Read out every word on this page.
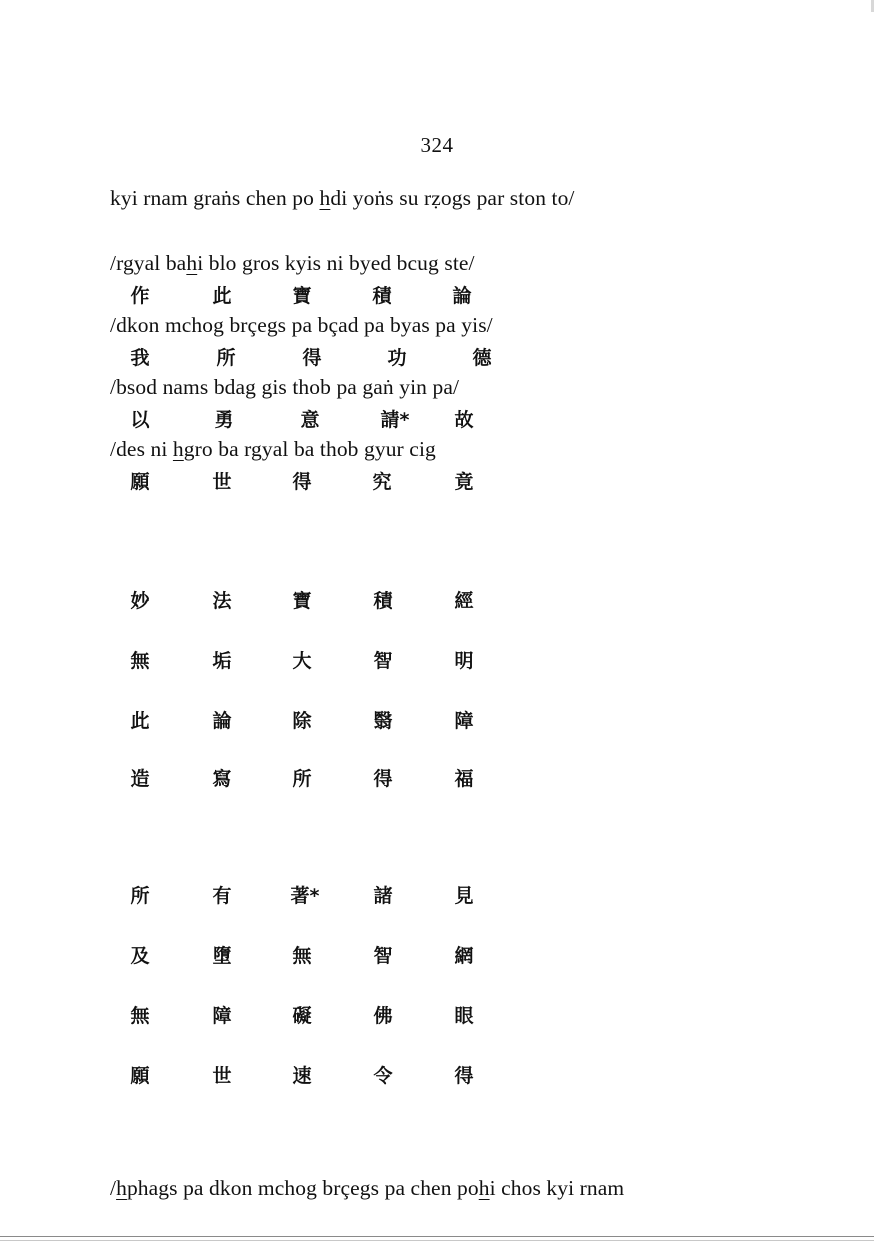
324
kyi rnam graṅs chen po hdi yoṅs su rẓogs par ston to/
/rgyal bahi blo gros kyis ni byed bcug ste/
作	此	寶	積	論
/dkon mchog brçegs pa bçad pa byas pa yis/
我	所	得	功	德
/bsod nams bdag gis thob pa gaṅ yin pa/
以	勇	意	請*	故
/des ni hgro ba rgyal ba thob gyur cig
願	世	得	究	竟
妙	法	寶	積	經
無	垢	大	智	明
此	論	除	翳	障
造	寫	所	得	福
所	有	著*	諸	見
及	墮	無	智	網
無	障	礙	佛	眼
願	世	速	令	得
/hphags pa dkon mchog brçegs pa chen pohi chos kyi rnam
